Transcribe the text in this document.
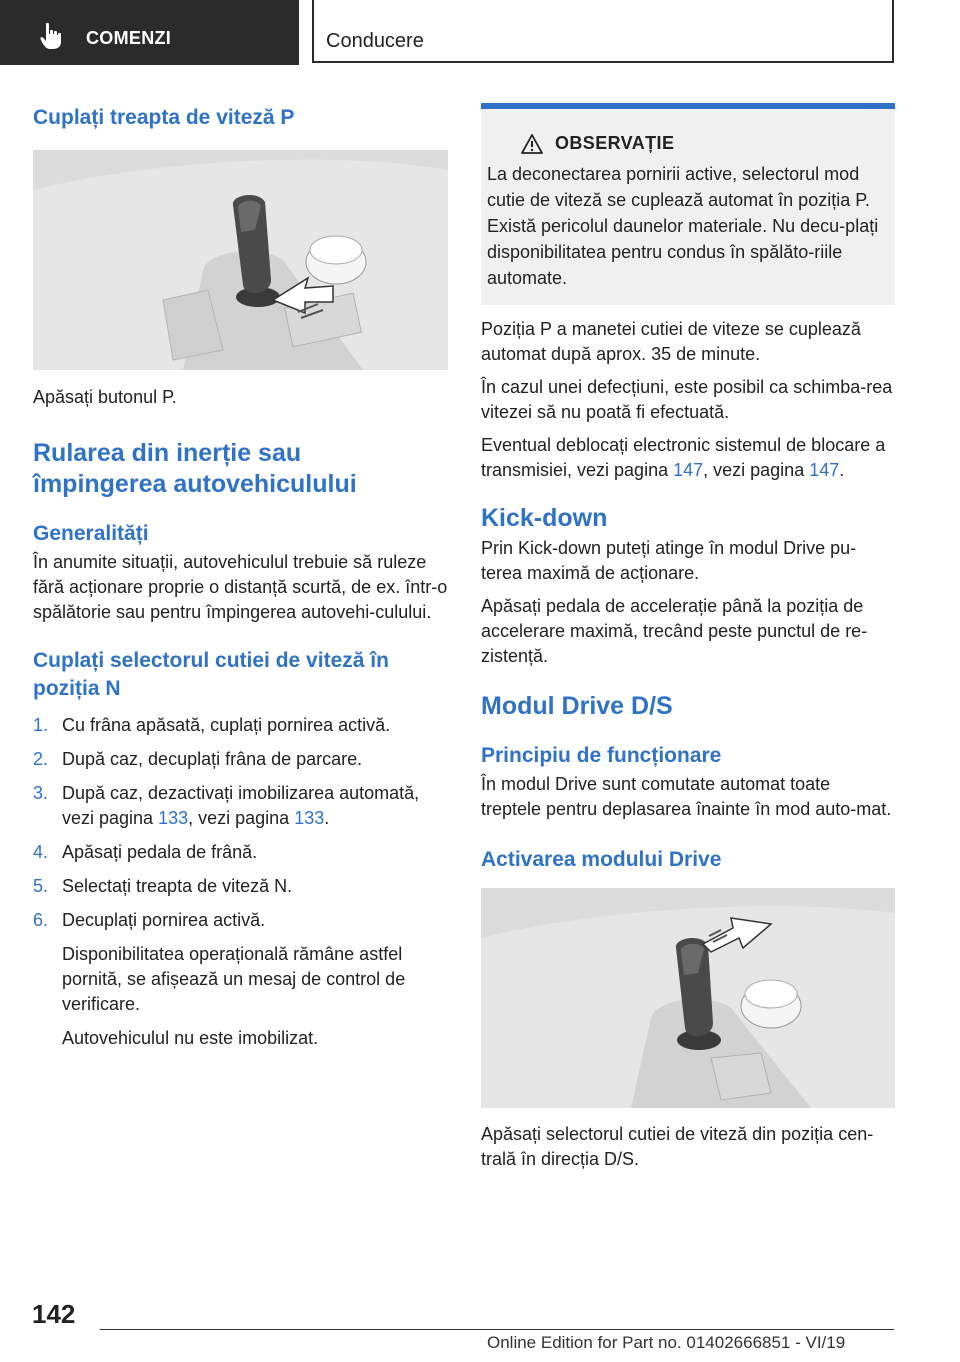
COMENZI	Conducere
Cuplați treapta de viteză P

Apăsați butonul P.

Rularea din inerție sau
împingerea autovehiculului
Generalități

În anumite situații, autovehiculul trebuie să ruleze fără acționare proprie o distanță scurtă, de ex. într-o spălătorie sau pentru împingerea autovehi-culului.

Cuplați selectorul cutiei de viteză în
poziția N
1. Cu frâna apăsată, cuplați pornirea activă.
2. După caz, decuplați frâna de parcare.
3. După caz, dezactivați imobilizarea automată, vezi pagina 133, vezi pagina 133.
4. Apăsați pedala de frână.
5. Selectați treapta de viteză N.
6. Decuplați pornirea activă.

Disponibilitatea operațională rămâne astfel pornită, se afișează un mesaj de control de verificare.

Autovehiculul nu este imobilizat.

OBSERVAȚIE

La deconectarea pornirii active, selectorul mod cutie de viteză se cuplează automat în poziția P. Există pericolul daunelor materiale. Nu decu-plați disponibilitatea pentru condus în spălăto-riile automate.

Poziția P a manetei cutiei de viteze se cuplează automat după aprox. 35 de minute.

În cazul unei defecțiuni, este posibil ca schimba-rea vitezei să nu poată fi efectuată.

Eventual deblocați electronic sistemul de blocare a transmisiei, vezi pagina 147, vezi pagina 147.

Kick-down

Prin Kick-down puteți atinge în modul Drive pu-terea maximă de acționare.

Apăsați pedala de accelerație până la poziția de accelerare maximă, trecând peste punctul de re-zistență.

Modul Drive D/S
Principiu de funcționare

În modul Drive sunt comutate automat toate treptele pentru deplasarea înainte în mod auto-mat.

Activarea modului Drive

Apăsați selectorul cutiei de viteză din poziția cen-trală în direcția D/S.

142
Online Edition for Part no. 01402666851 - VI/19
